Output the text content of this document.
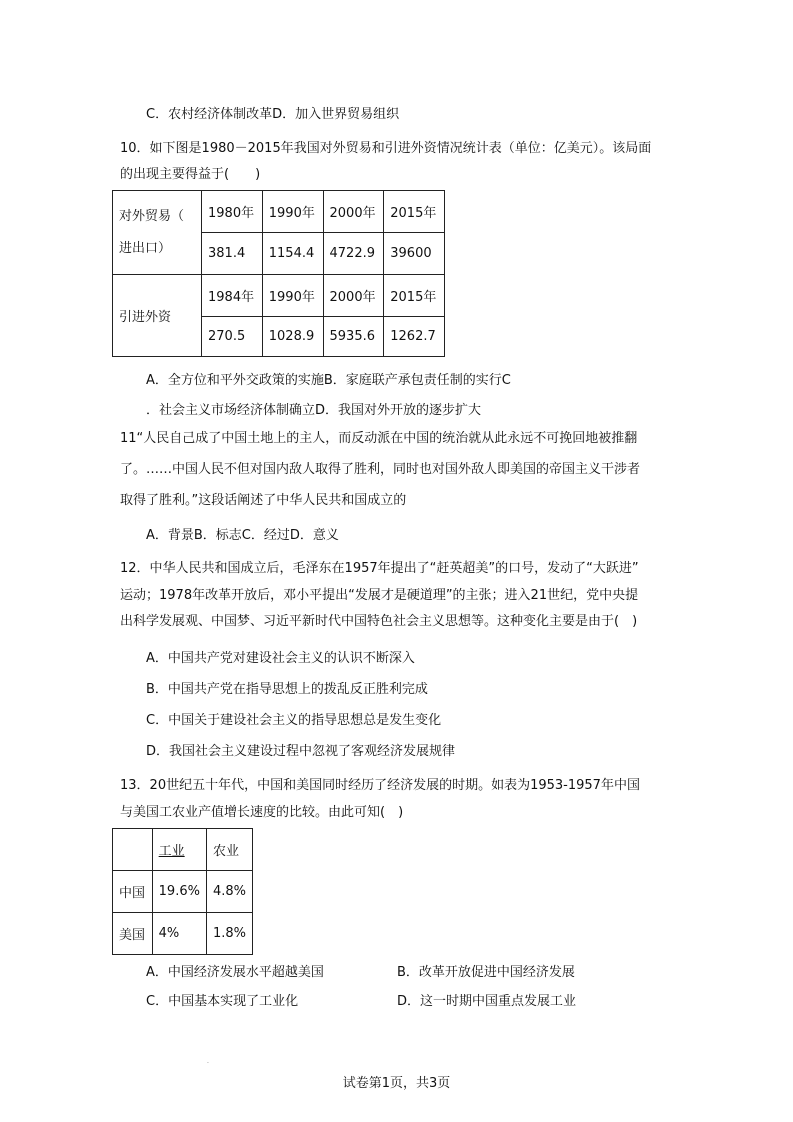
C．农村经济体制改革D．加入世界贸易组织
10．如下图是1980－2015年我国对外贸易和引进外资情况统计表（单位：亿美元）。该局面
的出现主要得益于(　　)
对外贸易（
进出口）	1980年	1990年	2000年	2015年
	381.4	1154.4	4722.9	39600
引进外资	1984年	1990年	2000年	2015年
	270.5	1028.9	5935.6	1262.7
A．全方位和平外交政策的实施B．家庭联产承包责任制的实行C
．社会主义市场经济体制确立D．我国对外开放的逐步扩大
11“人民自己成了中国土地上的主人，而反动派在中国的统治就从此永远不可挽回地被推翻
了。……中国人民不但对国内敌人取得了胜利，同时也对国外敌人即美国的帝国主义干涉者
取得了胜利。”这段话阐述了中华人民共和国成立的
A．背景B．标志C．经过D．意义
12．中华人民共和国成立后，毛泽东在1957年提出了“赶英超美”的口号，发动了“大跃进”
运动；1978年改革开放后，邓小平提出“发展才是硬道理”的主张；进入21世纪，党中央提
出科学发展观、中国梦、习近平新时代中国特色社会主义思想等。这种变化主要是由于(　)
A．中国共产党对建设社会主义的认识不断深入
B．中国共产党在指导思想上的拨乱反正胜利完成
C．中国关于建设社会主义的指导思想总是发生变化
D．我国社会主义建设过程中忽视了客观经济发展规律
13．20世纪五十年代，中国和美国同时经历了经济发展的时期。如表为1953-1957年中国
与美国工农业产值增长速度的比较。由此可知(　)
	工业	农业
中国	19.6%	4.8%
美国	4%	1.8%
A．中国经济发展水平超越美国	B．改革开放促进中国经济发展
C．中国基本实现了工业化	D．这一时期中国重点发展工业
.
试卷第1页，共3页
